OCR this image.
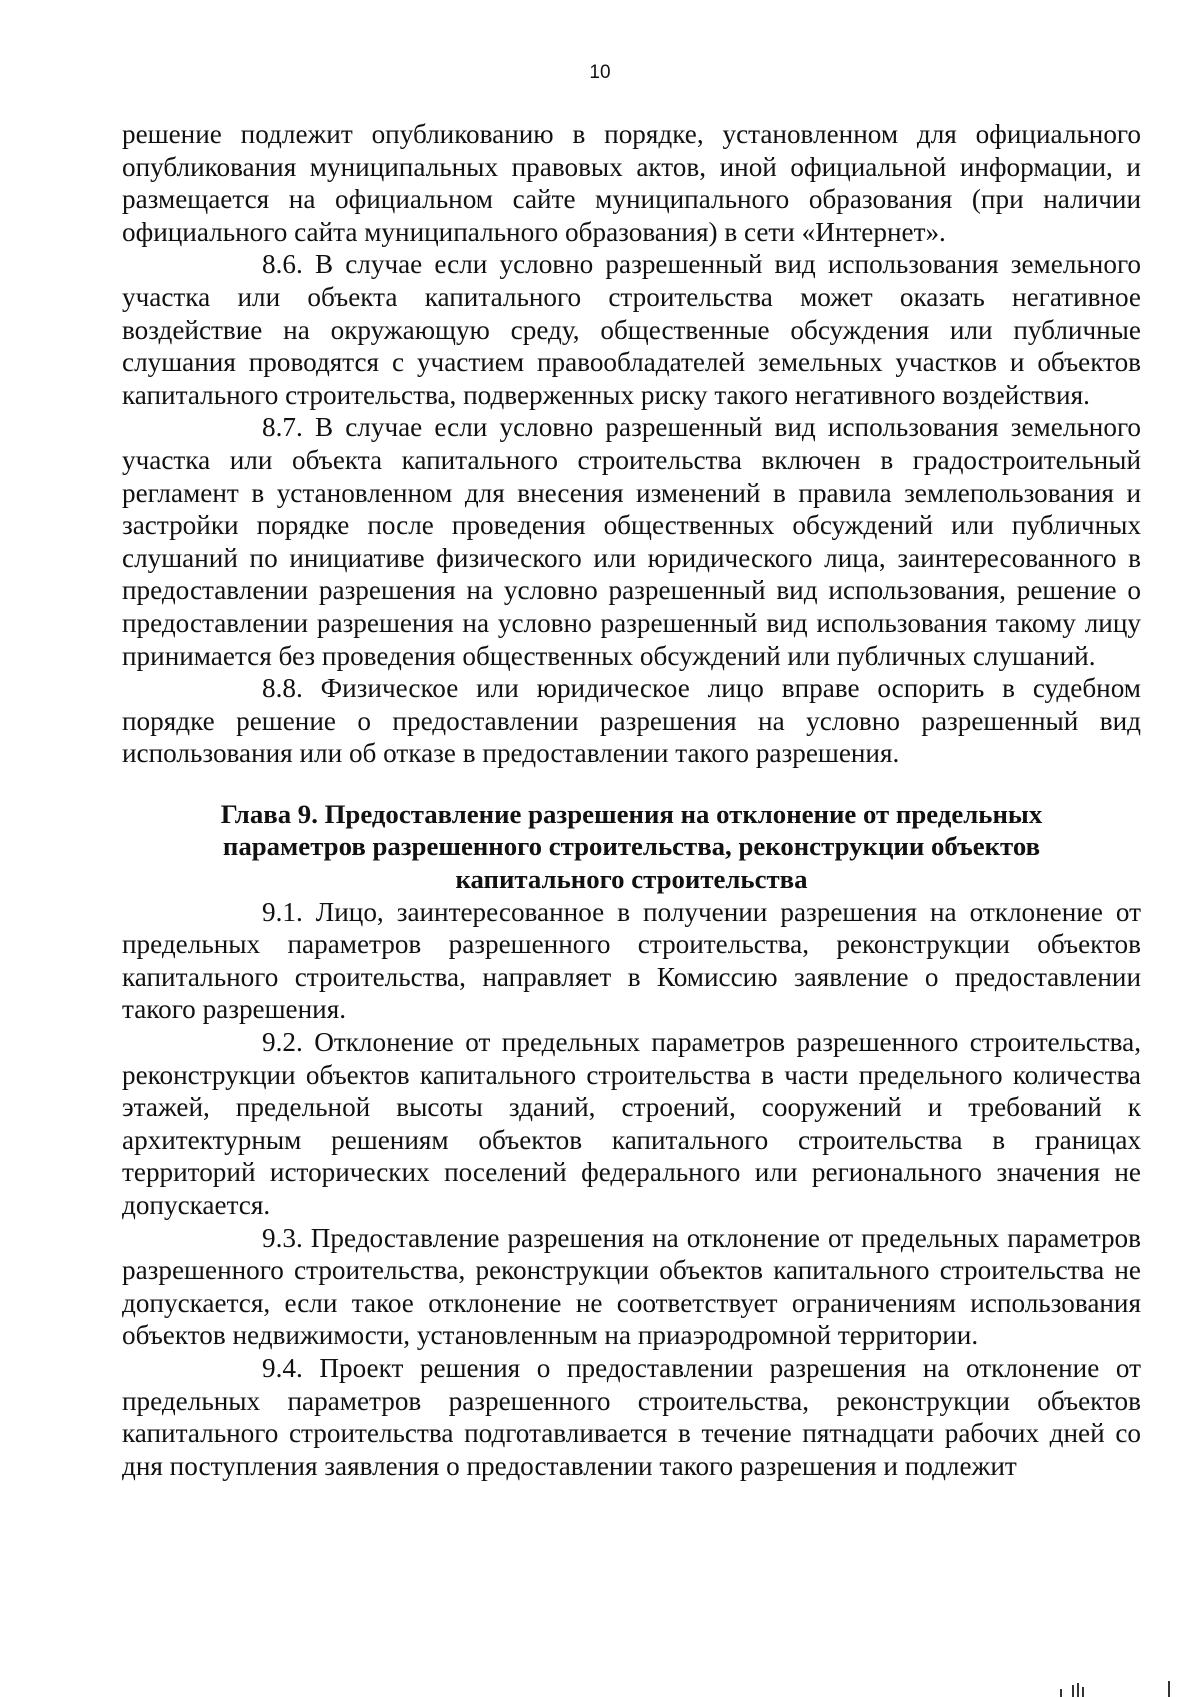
10

решение подлежит опубликованию в порядке, установленном для официального опубликования муниципальных правовых актов, иной официальной информации, и размещается на официальном сайте муниципального образования (при наличии официального сайта муниципального образования) в сети «Интернет».

8.6. В случае если условно разрешенный вид использования земельного участка или объекта капитального строительства может оказать негативное воздействие на окружающую среду, общественные обсуждения или публичные слушания проводятся с участием правообладателей земельных участков и объектов капитального строительства, подверженных риску такого негативного воздействия.

8.7. В случае если условно разрешенный вид использования земельного участка или объекта капитального строительства включен в градостроительный регламент в установленном для внесения изменений в правила землепользования и застройки порядке после проведения общественных обсуждений или публичных слушаний по инициативе физического или юридического лица, заинтересованного в предоставлении разрешения на условно разрешенный вид использования, решение о предоставлении разрешения на условно разрешенный вид использования такому лицу принимается без проведения общественных обсуждений или публичных слушаний.

8.8. Физическое или юридическое лицо вправе оспорить в судебном порядке решение о предоставлении разрешения на условно разрешенный вид использования или об отказе в предоставлении такого разрешения.

Глава 9. Предоставление разрешения на отклонение от предельных
параметров разрешенного строительства, реконструкции объектов
капитального строительства

9.1. Лицо, заинтересованное в получении разрешения на отклонение от предельных параметров разрешенного строительства, реконструкции объектов капитального строительства, направляет в Комиссию заявление о предоставлении такого разрешения.

9.2. Отклонение от предельных параметров разрешенного строительства, реконструкции объектов капитального строительства в части предельного количества этажей, предельной высоты зданий, строений, сооружений и требований к архитектурным решениям объектов капитального строительства в границах территорий исторических поселений федерального или регионального значения не допускается.

9.3. Предоставление разрешения на отклонение от предельных параметров разрешенного строительства, реконструкции объектов капитального строительства не допускается, если такое отклонение не соответствует ограничениям использования объектов недвижимости, установленным на приаэродромной территории.

9.4. Проект решения о предоставлении разрешения на отклонение от предельных параметров разрешенного строительства, реконструкции объектов капитального строительства подготавливается в течение пятнадцати рабочих дней со дня поступления заявления о предоставлении такого разрешения и подлежит
